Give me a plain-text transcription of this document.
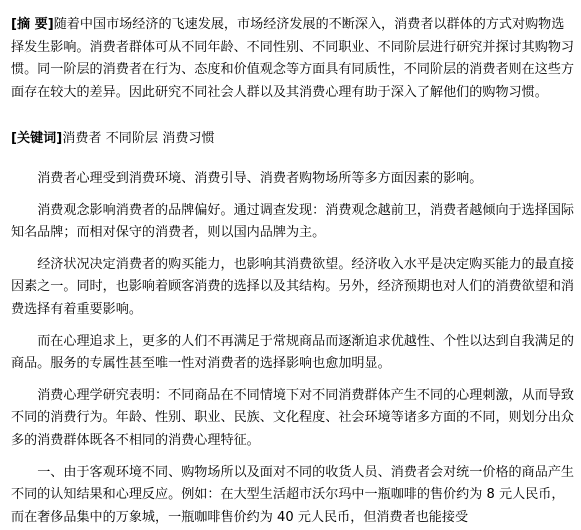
[摘 要]随着中国市场经济的飞速发展，市场经济发展的不断深入，消费者以群体的方式对购物选择发生影响。消费者群体可从不同年龄、不同性别、不同职业、不同阶层进行研究并探讨其购物习惯。同一阶层的消费者在行为、态度和价值观念等方面具有同质性，不同阶层的消费者则在这些方面存在较大的差异。因此研究不同社会人群以及其消费心理有助于深入了解他们的购物习惯。

[关键词]消费者 不同阶层 消费习惯

消费者心理受到消费环境、消费引导、消费者购物场所等多方面因素的影响。

消费观念影响消费者的品牌偏好。通过调查发现：消费观念越前卫，消费者越倾向于选择国际知名品牌；而相对保守的消费者，则以国内品牌为主。

经济状况决定消费者的购买能力，也影响其消费欲望。经济收入水平是决定购买能力的最直接因素之一。同时，也影响着顾客消费的选择以及其结构。另外，经济预期也对人们的消费欲望和消费选择有着重要影响。

而在心理追求上，更多的人们不再满足于常规商品而逐渐追求优越性、个性以达到自我满足的商品。服务的专属性甚至唯一性对消费者的选择影响也愈加明显。

消费心理学研究表明：不同商品在不同情境下对不同消费群体产生不同的心理刺激，从而导致不同的消费行为。年龄、性别、职业、民族、文化程度、社会环境等诸多方面的不同，则划分出众多的消费群体既各不相同的消费心理特征。

一、由于客观环境不同、购物场所以及面对不同的收货人员、消费者会对统一价格的商品产生不同的认知结果和心理反应。例如：在大型生活超市沃尔玛中一瓶咖啡的售价约为 8 元人民币，而在奢侈品集中的万象城，一瓶咖啡售价约为 40 元人民币，但消费者也能接受
